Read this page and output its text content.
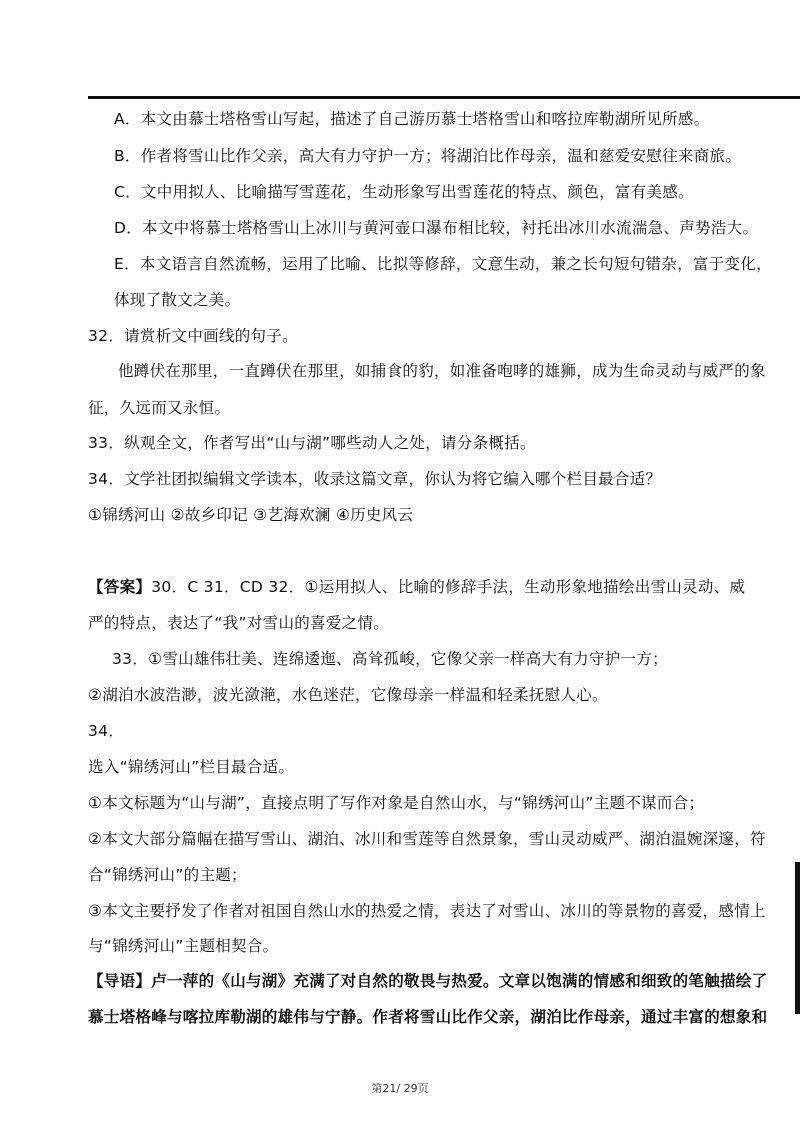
A．本文由慕士塔格雪山写起，描述了自己游历慕士塔格雪山和喀拉库勒湖所见所感。
B．作者将雪山比作父亲，高大有力守护一方；将湖泊比作母亲，温和慈爱安慰往来商旅。
C．文中用拟人、比喻描写雪莲花，生动形象写出雪莲花的特点、颜色，富有美感。
D．本文中将慕士塔格雪山上冰川与黄河壶口瀑布相比较，衬托出冰川水流湍急、声势浩大。
E．本文语言自然流畅，运用了比喻、比拟等修辞，文意生动，兼之长句短句错杂，富于变化，
体现了散文之美。
32．请赏析文中画线的句子。
他蹲伏在那里，一直蹲伏在那里，如捕食的豹，如准备咆哮的雄狮，成为生命灵动与威严的象
征，久远而又永恒。
33．纵观全文，作者写出“山与湖”哪些动人之处，请分条概括。
34．文学社团拟编辑文学读本，收录这篇文章，你认为将它编入哪个栏目最合适？
①锦绣河山 ②故乡印记 ③艺海欢澜 ④历史风云
【答案】30．C 31．CD 32．①运用拟人、比喻的修辞手法，生动形象地描绘出雪山灵动、威
严的特点，表达了“我”对雪山的喜爱之情。
33．①雪山雄伟壮美、连绵逶迤、高耸孤峻，它像父亲一样高大有力守护一方；
②湖泊水波浩渺，波光潋滟，水色迷茫，它像母亲一样温和轻柔抚慰人心。
34．
选入“锦绣河山”栏目最合适。
①本文标题为“山与湖”，直接点明了写作对象是自然山水，与“锦绣河山”主题不谋而合；
②本文大部分篇幅在描写雪山、湖泊、冰川和雪莲等自然景象，雪山灵动威严、湖泊温婉深邃，符
合“锦绣河山”的主题；
③本文主要抒发了作者对祖国自然山水的热爱之情，表达了对雪山、冰川的等景物的喜爱，感情上
与“锦绣河山”主题相契合。
【导语】卢一萍的《山与湖》充满了对自然的敬畏与热爱。文章以饱满的情感和细致的笔触描绘了
慕士塔格峰与喀拉库勒湖的雄伟与宁静。作者将雪山比作父亲，湖泊比作母亲，通过丰富的想象和
第21/ 29页
